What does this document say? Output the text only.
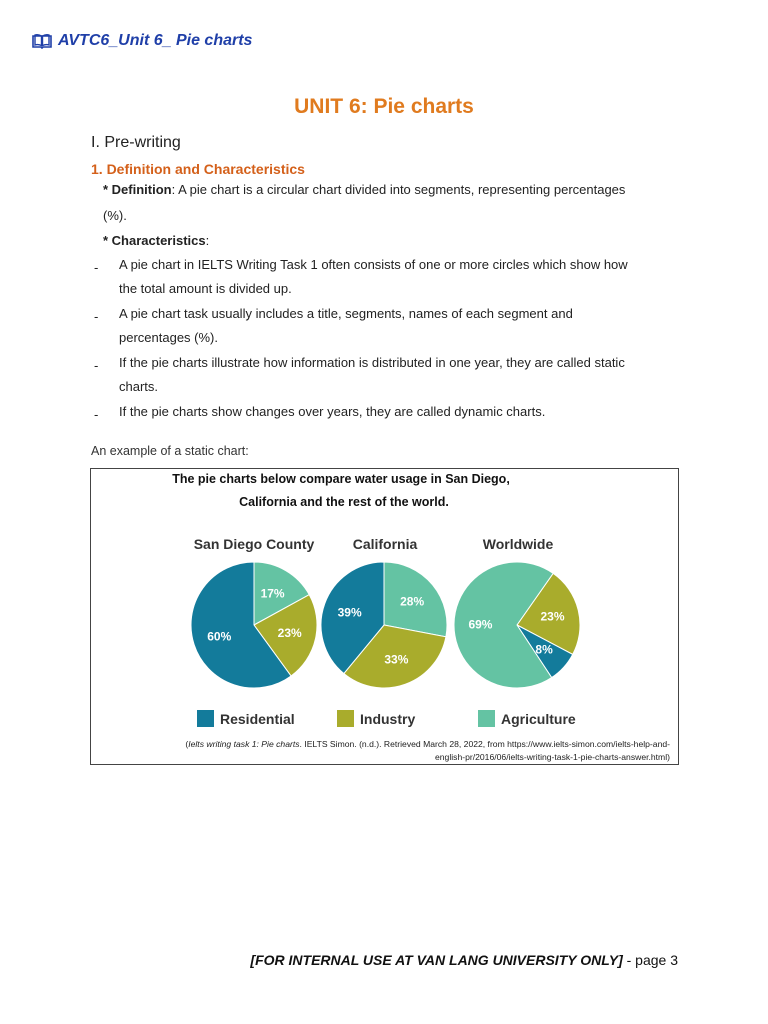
AVTC6_Unit 6_ Pie charts
UNIT 6: Pie charts
I. Pre-writing
1. Definition and Characteristics
* Definition: A pie chart is a circular chart divided into segments, representing percentages
(%).
* Characteristics:
- A pie chart in IELTS Writing Task 1 often consists of one or more circles which show how
the total amount is divided up.
- A pie chart task usually includes a title, segments, names of each segment and
percentages (%).
- If the pie charts illustrate how information is distributed in one year, they are called static
charts.
- If the pie charts show changes over years, they are called dynamic charts.
An example of a static chart:
The pie charts below compare water usage in San Diego,
California and the rest of the world.
San Diego County	California	Worldwide
17%
23%
60%
28%
33%
39%	23%
8%
69%
Residential	Industry	Agriculture
(Ielts writing task 1: Pie charts. IELTS Simon. (n.d.). Retrieved March 28, 2022, from https://www.ielts-simon.com/ielts-help-and-
english-pr/2016/06/ielts-writing-task-1-pie-charts-answer.html)
[FOR INTERNAL USE AT VAN LANG UNIVERSITY ONLY] - page 3
